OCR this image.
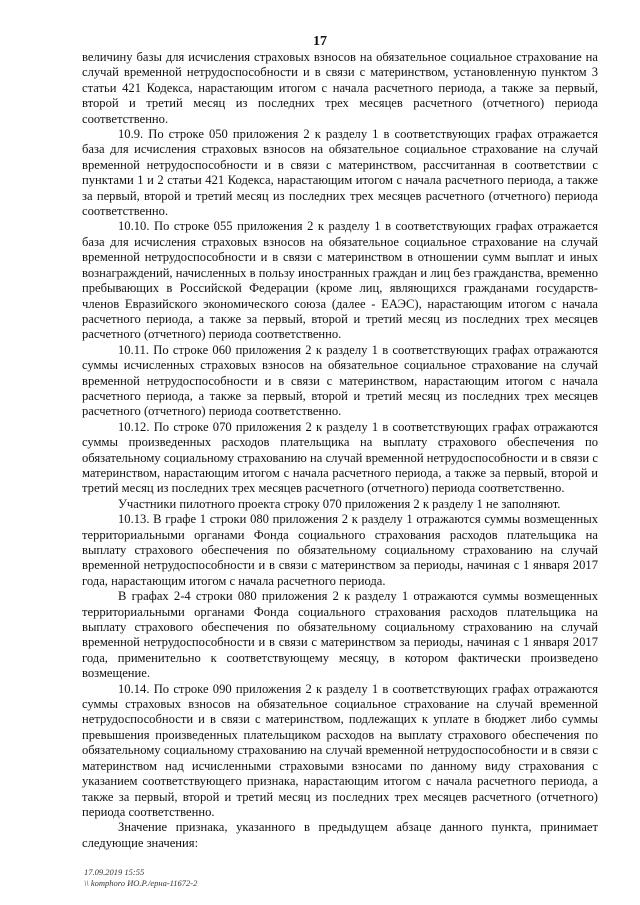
17

величину базы для исчисления страховых взносов на обязательное социальное страхование на случай временной нетрудоспособности и в связи с материнством, установленную пунктом 3 статьи 421 Кодекса, нарастающим итогом с начала расчетного периода, а также за первый, второй и третий месяц из последних трех месяцев расчетного (отчетного) периода соответственно.

10.9. По строке 050 приложения 2 к разделу 1 в соответствующих графах отражается база для исчисления страховых взносов на обязательное социальное страхование на случай временной нетрудоспособности и в связи с материнством, рассчитанная в соответствии с пунктами 1 и 2 статьи 421 Кодекса, нарастающим итогом с начала расчетного периода, а также за первый, второй и третий месяц из последних трех месяцев расчетного (отчетного) периода соответственно.

10.10. По строке 055 приложения 2 к разделу 1 в соответствующих графах отражается база для исчисления страховых взносов на обязательное социальное страхование на случай временной нетрудоспособности и в связи с материнством в отношении сумм выплат и иных вознаграждений, начисленных в пользу иностранных граждан и лиц без гражданства, временно пребывающих в Российской Федерации (кроме лиц, являющихся гражданами государств-членов Евразийского экономического союза (далее - ЕАЭС), нарастающим итогом с начала расчетного периода, а также за первый, второй и третий месяц из последних трех месяцев расчетного (отчетного) периода соответственно.

10.11. По строке 060 приложения 2 к разделу 1 в соответствующих графах отражаются суммы исчисленных страховых взносов на обязательное социальное страхование на случай временной нетрудоспособности и в связи с материнством, нарастающим итогом с начала расчетного периода, а также за первый, второй и третий месяц из последних трех месяцев расчетного (отчетного) периода соответственно.

10.12. По строке 070 приложения 2 к разделу 1 в соответствующих графах отражаются суммы произведенных расходов плательщика на выплату страхового обеспечения по обязательному социальному страхованию на случай временной нетрудоспособности и в связи с материнством, нарастающим итогом с начала расчетного периода, а также за первый, второй и третий месяц из последних трех месяцев расчетного (отчетного) периода соответственно.

Участники пилотного проекта строку 070 приложения 2 к разделу 1 не заполняют.

10.13. В графе 1 строки 080 приложения 2 к разделу 1 отражаются суммы возмещенных территориальными органами Фонда социального страхования расходов плательщика на выплату страхового обеспечения по обязательному социальному страхованию на случай временной нетрудоспособности и в связи с материнством за периоды, начиная с 1 января 2017 года, нарастающим итогом с начала расчетного периода.

В графах 2-4 строки 080 приложения 2 к разделу 1 отражаются суммы возмещенных территориальными органами Фонда социального страхования расходов плательщика на выплату страхового обеспечения по обязательному социальному страхованию на случай временной нетрудоспособности и в связи с материнством за периоды, начиная с 1 января 2017 года, применительно к соответствующему месяцу, в котором фактически произведено возмещение.

10.14. По строке 090 приложения 2 к разделу 1 в соответствующих графах отражаются суммы страховых взносов на обязательное социальное страхование на случай временной нетрудоспособности и в связи с материнством, подлежащих к уплате в бюджет либо суммы превышения произведенных плательщиком расходов на выплату страхового обеспечения по обязательному социальному страхованию на случай временной нетрудоспособности и в связи с материнством над исчисленными страховыми взносами по данному виду страхования с указанием соответствующего признака, нарастающим итогом с начала расчетного периода, а также за первый, второй и третий месяц из последних трех месяцев расчетного (отчетного) периода соответственно.

Значение признака, указанного в предыдущем абзаце данного пункта, принимает следующие значения:

17.09.2019 15:55
\\ komphoro ИО.Р./ерна-11672-2
